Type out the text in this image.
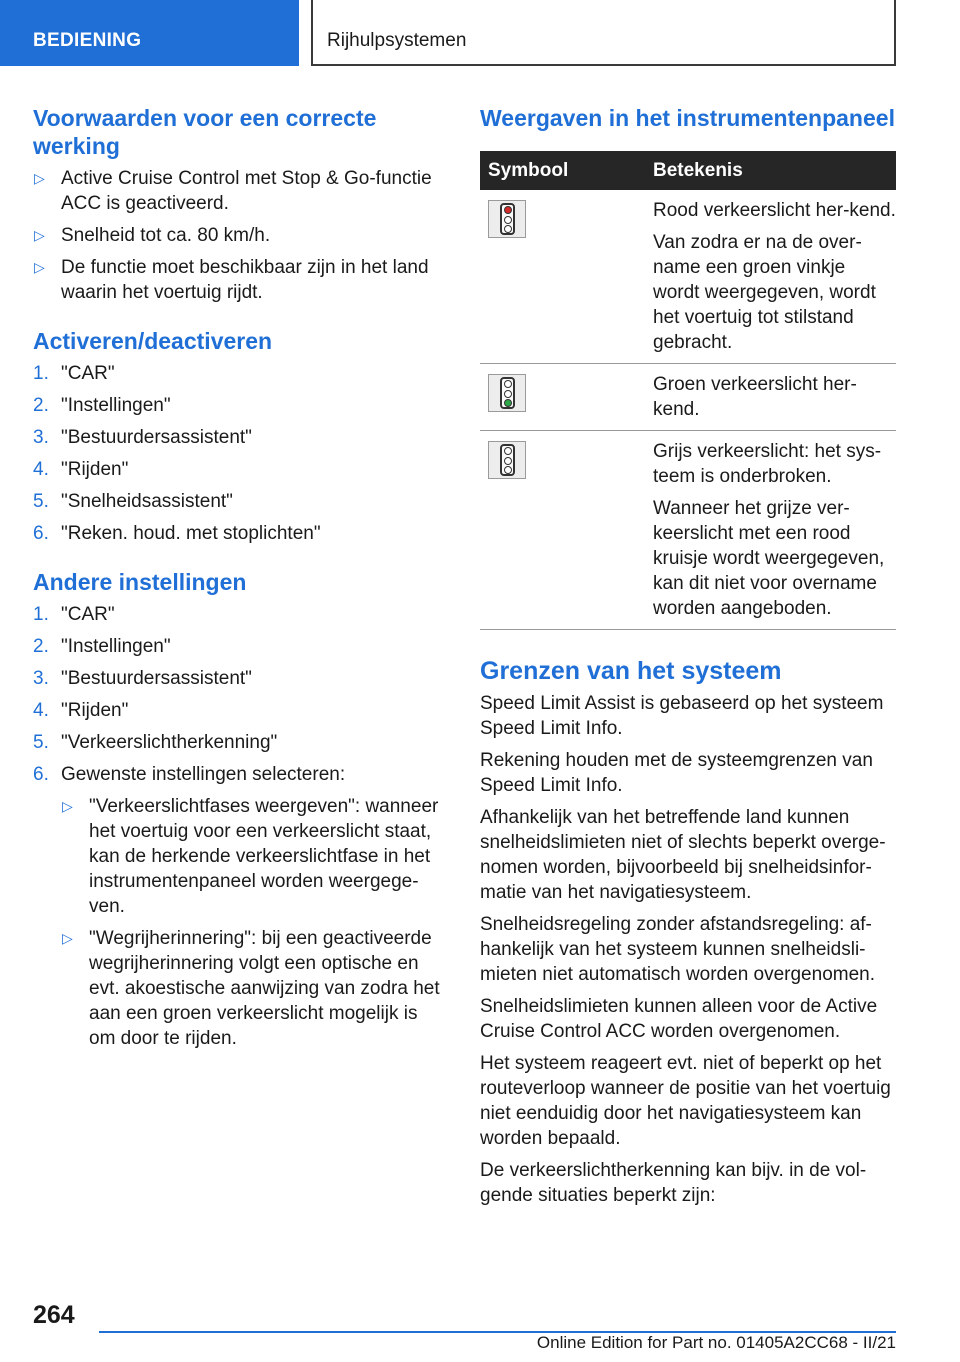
BEDIENING	Rijhulpsystemen
Voorwaarden voor een correcte werking
▷ Active Cruise Control met Stop & Go-functie ACC is geactiveerd.
▷ Snelheid tot ca. 80 km/h.
▷ De functie moet beschikbaar zijn in het land waarin het voertuig rijdt.
Activeren/deactiveren
1. "CAR"
2. "Instellingen"
3. "Bestuurdersassistent"
4. "Rijden"
5. "Snelheidsassistent"
6. "Reken. houd. met stoplichten"
Andere instellingen
1. "CAR"
2. "Instellingen"
3. "Bestuurdersassistent"
4. "Rijden"
5. "Verkeerslichtherkenning"
6. Gewenste instellingen selecteren:
▷ "Verkeerslichtfases weergeven": wanneer het voertuig voor een verkeerslicht staat, kan de herkende verkeerslichtfase in het instrumentenpaneel worden weergege-ven.
▷ "Wegrijherinnering": bij een geactiveerde wegrijherinnering volgt een optische en evt. akoestische aanwijzing van zodra het aan een groen verkeerslicht mogelijk is om door te rijden.
Weergaven in het instrumentenpaneel
Symbool	Betekenis

	Rood verkeerslicht her-kend.

Van zodra er na de over-name een groen vinkje wordt weergegeven, wordt het voertuig tot stilstand gebracht.

	Groen verkeerslicht her-kend.

	Grijs verkeerslicht: het sys-teem is onderbroken.

Wanneer het grijze ver-keerslicht met een rood kruisje wordt weergegeven, kan dit niet voor overname worden aangeboden.

Grenzen van het systeem

Speed Limit Assist is gebaseerd op het systeem Speed Limit Info.

Rekening houden met de systeemgrenzen van Speed Limit Info.

Afhankelijk van het betreffende land kunnen snelheidslimieten niet of slechts beperkt overge-nomen worden, bijvoorbeeld bij snelheidsinfor-matie van het navigatiesysteem.

Snelheidsregeling zonder afstandsregeling: af-hankelijk van het systeem kunnen snelheidsli-mieten niet automatisch worden overgenomen.

Snelheidslimieten kunnen alleen voor de Active Cruise Control ACC worden overgenomen.

Het systeem reageert evt. niet of beperkt op het routeverloop wanneer de positie van het voertuig niet eenduidig door het navigatiesysteem kan worden bepaald.

De verkeerslichtherkenning kan bijv. in de vol-gende situaties beperkt zijn:

264
Online Edition for Part no. 01405A2CC68 - II/21
